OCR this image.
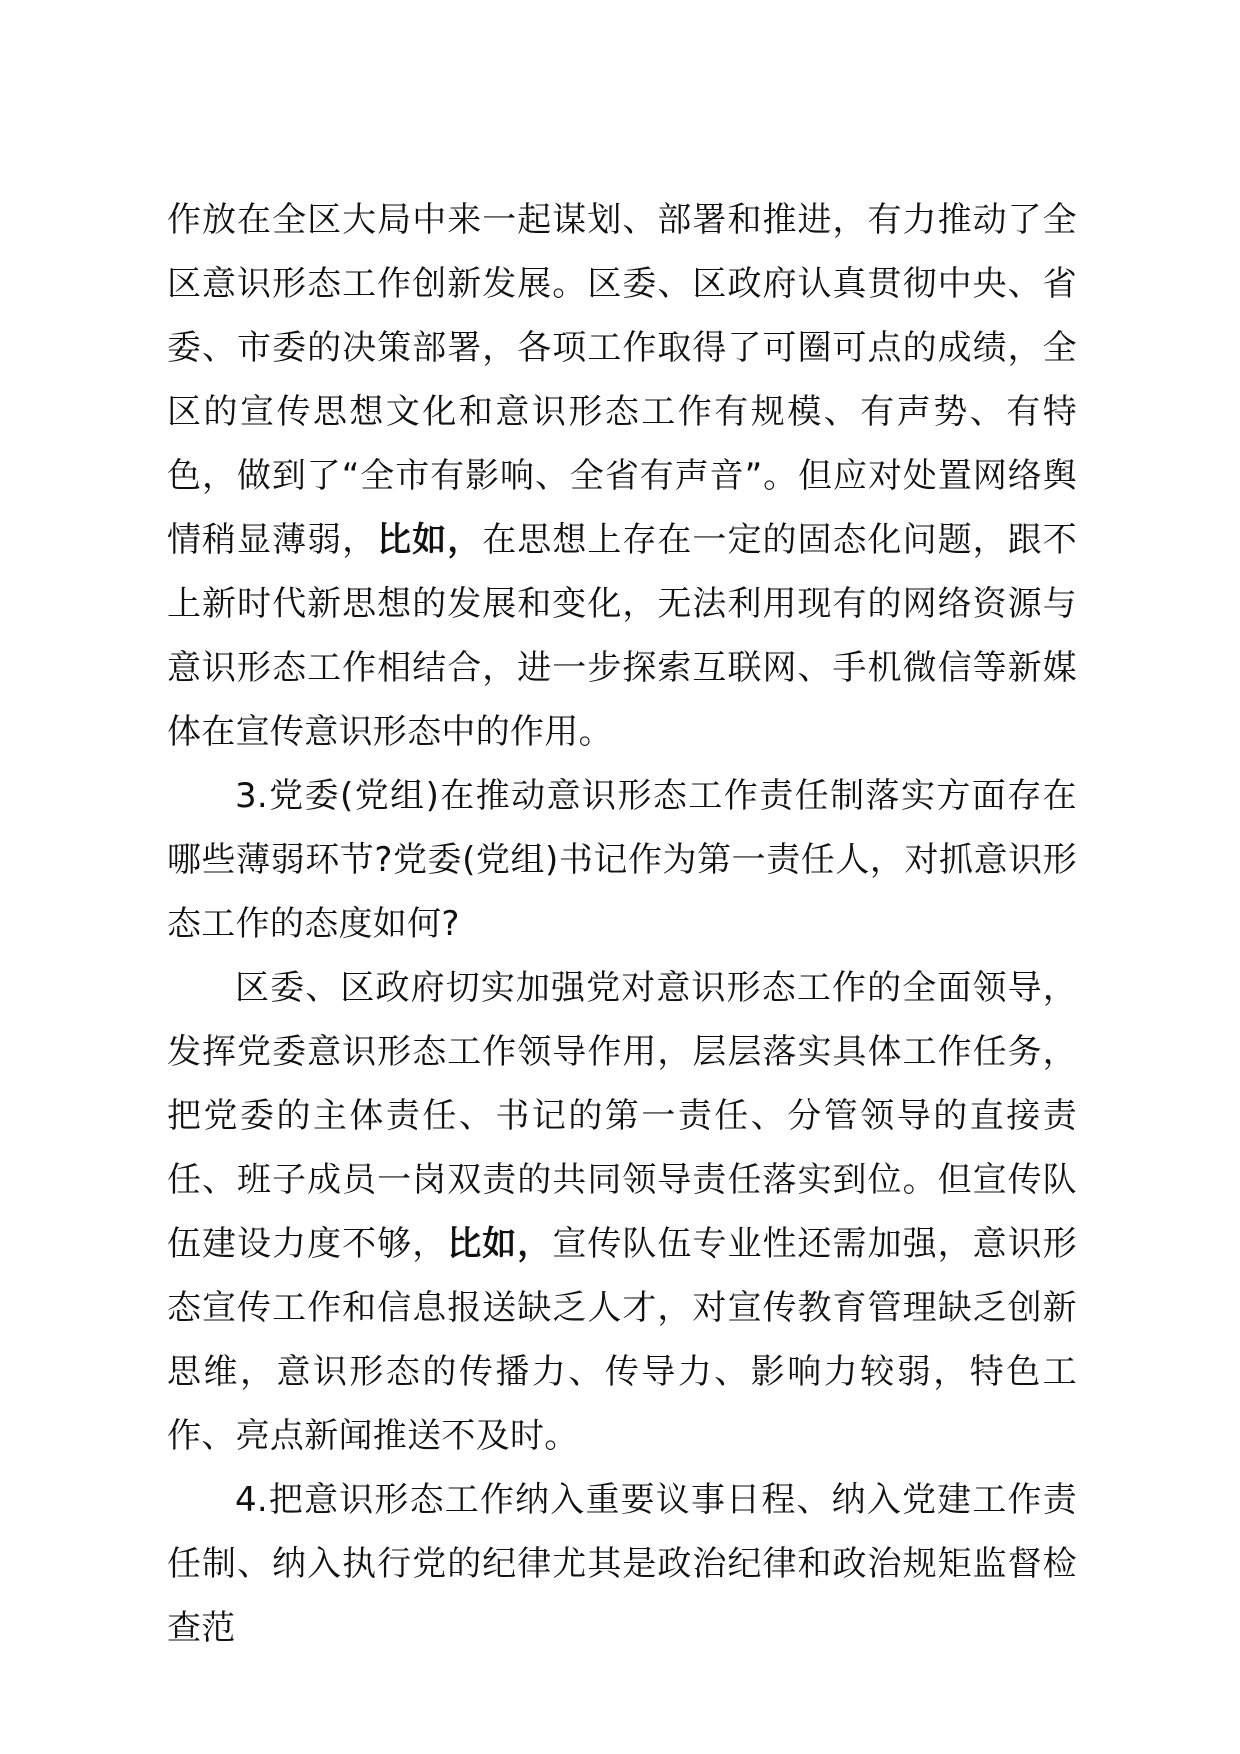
作放在全区大局中来一起谋划、部署和推进，有力推动了全区意识形态工作创新发展。区委、区政府认真贯彻中央、省委、市委的决策部署，各项工作取得了可圈可点的成绩，全区的宣传思想文化和意识形态工作有规模、有声势、有特色，做到了“全市有影响、全省有声音”。但应对处置网络舆情稍显薄弱，比如，在思想上存在一定的固态化问题，跟不上新时代新思想的发展和变化，无法利用现有的网络资源与意识形态工作相结合，进一步探索互联网、手机微信等新媒体在宣传意识形态中的作用。

3.党委(党组)在推动意识形态工作责任制落实方面存在哪些薄弱环节?党委(党组)书记作为第一责任人，对抓意识形态工作的态度如何?

区委、区政府切实加强党对意识形态工作的全面领导，发挥党委意识形态工作领导作用，层层落实具体工作任务，把党委的主体责任、书记的第一责任、分管领导的直接责任、班子成员一岗双责的共同领导责任落实到位。但宣传队伍建设力度不够，比如，宣传队伍专业性还需加强，意识形态宣传工作和信息报送缺乏人才，对宣传教育管理缺乏创新思维，意识形态的传播力、传导力、影响力较弱，特色工作、亮点新闻推送不及时。

4.把意识形态工作纳入重要议事日程、纳入党建工作责任制、纳入执行党的纪律尤其是政治纪律和政治规矩监督检查范
